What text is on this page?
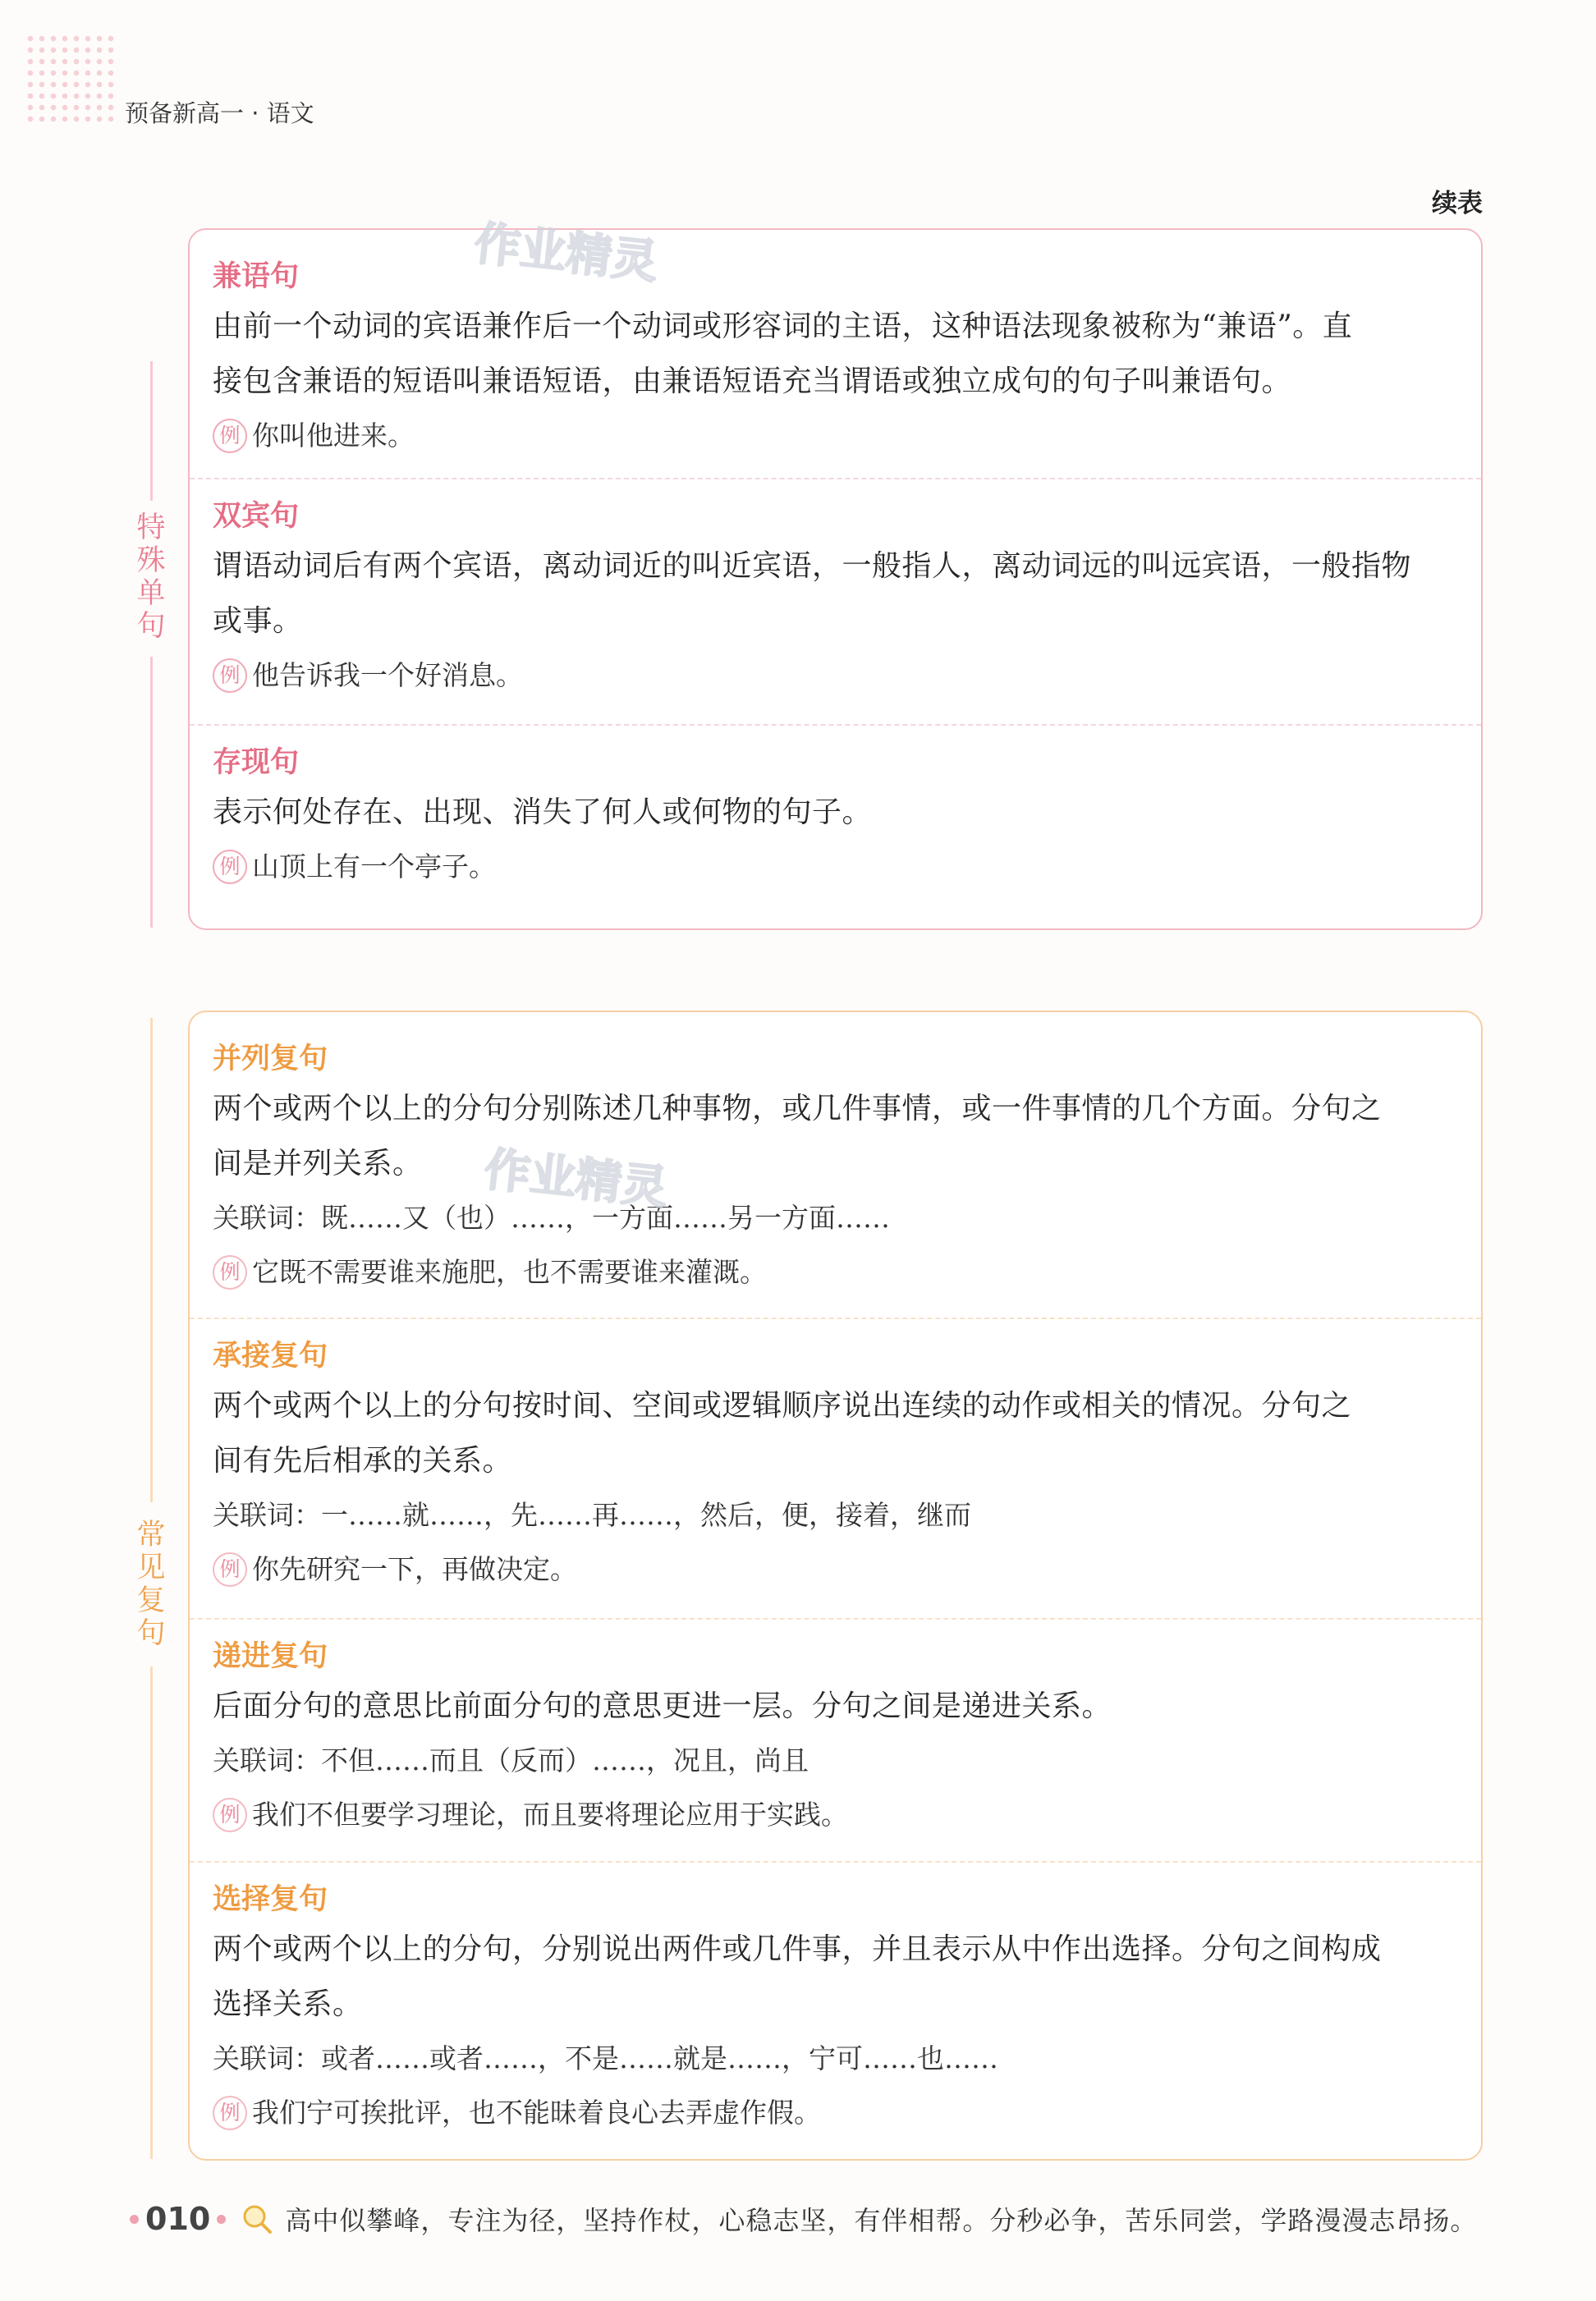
预备新高一 · 语文
续表
特殊单句
兼语句

由前一个动词的宾语兼作后一个动词或形容词的主语，这种语法现象被称为“兼语”。直

接包含兼语的短语叫兼语短语，由兼语短语充当谓语或独立成句的句子叫兼语句。

例 你叫他进来。

双宾句

谓语动词后有两个宾语，离动词近的叫近宾语，一般指人，离动词远的叫远宾语，一般指物

或事。

例 他告诉我一个好消息。

存现句

表示何处存在、出现、消失了何人或何物的句子。

例 山顶上有一个亭子。

常见复句
并列复句

两个或两个以上的分句分别陈述几种事物，或几件事情，或一件事情的几个方面。分句之

间是并列关系。

关联词：既……又（也）……，一方面……另一方面……

例 它既不需要谁来施肥，也不需要谁来灌溉。

承接复句

两个或两个以上的分句按时间、空间或逻辑顺序说出连续的动作或相关的情况。分句之

间有先后相承的关系。

关联词：一……就……，先……再……，然后，便，接着，继而

例 你先研究一下，再做决定。

递进复句

后面分句的意思比前面分句的意思更进一层。分句之间是递进关系。

关联词：不但……而且（反而）……，况且，尚且

例 我们不但要学习理论，而且要将理论应用于实践。

选择复句

两个或两个以上的分句，分别说出两件或几件事，并且表示从中作出选择。分句之间构成

选择关系。

关联词：或者……或者……，不是……就是……，宁可……也……

例 我们宁可挨批评，也不能昧着良心去弄虚作假。

作业精灵
作业精灵
010	高中似攀峰，专注为径，坚持作杖，心稳志坚，有伴相帮。分秒必争，苦乐同尝，学路漫漫志昂扬。
